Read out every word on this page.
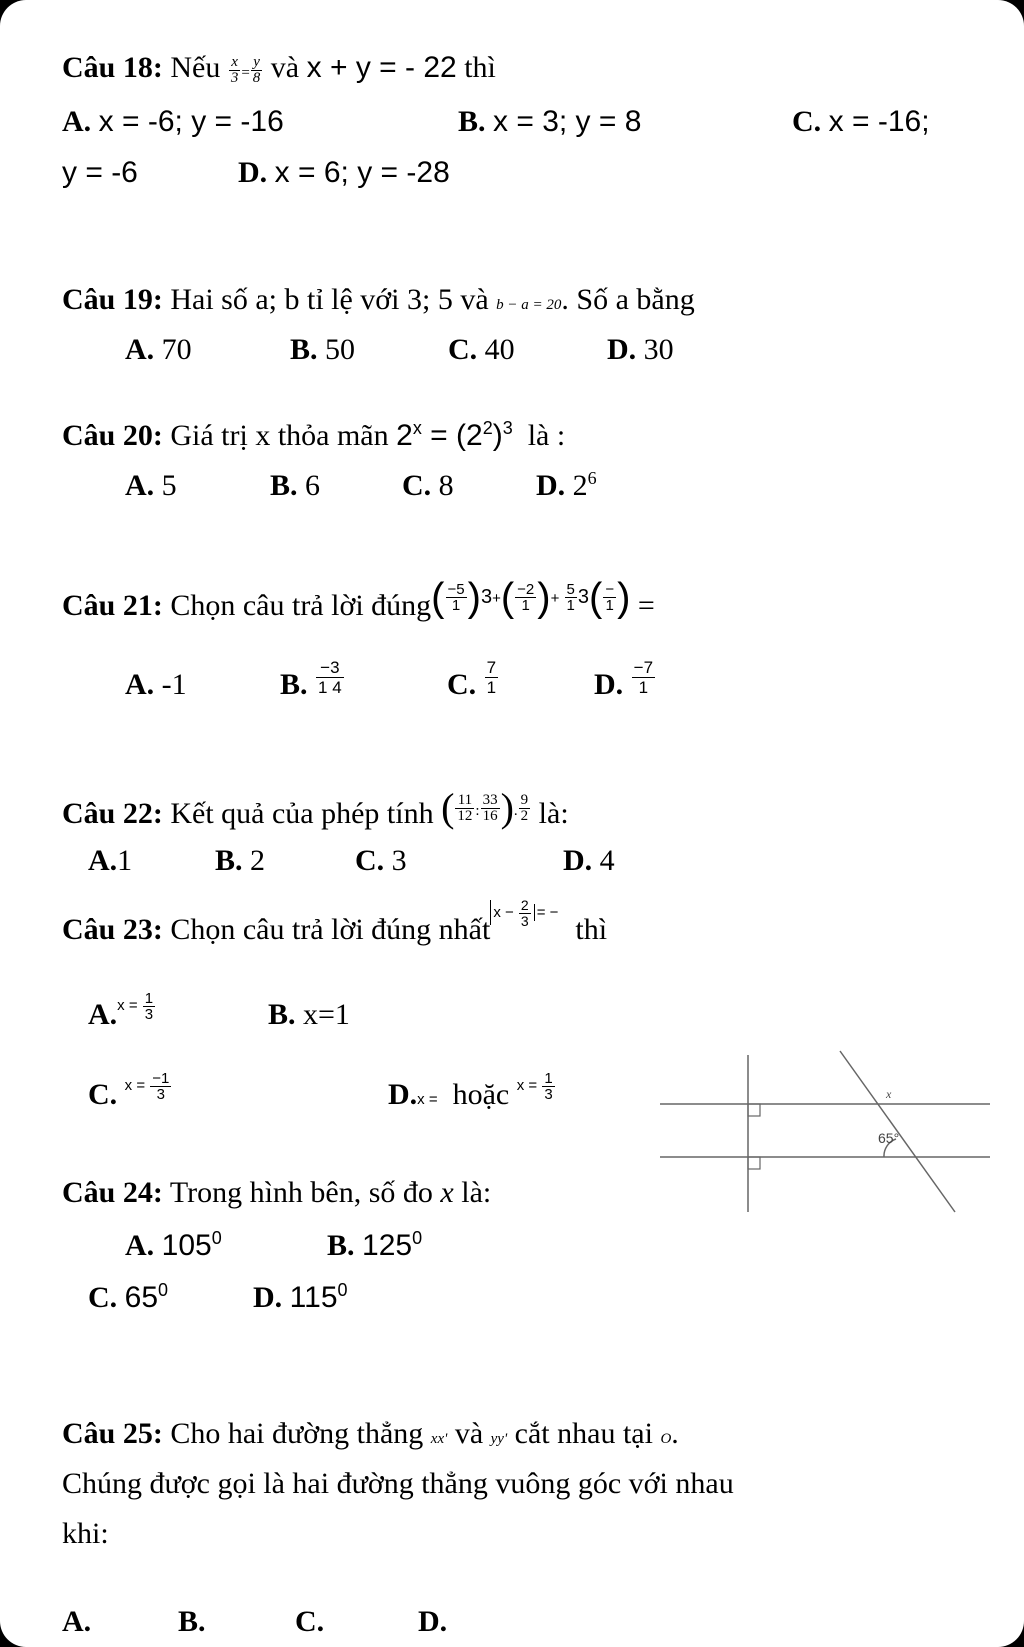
Câu 18: Nếu $\frac{x}{3} = \frac{y}{8}$ và x + y = - 22 thì
A. x = -6; y = -16	B. x = 3; y = 8	C. x = -16;
y = -6	D. x = 6; y = -28
Câu 19: Hai số a; b tỉ lệ với 3; 5 và b − a = 20. Số a bằng
A. 70	B. 50	C. 40	D. 30
Câu 20: Giá trị x thỏa mãn $2^x = (2^2)^3$ là :
A. 5	B. 6	C. 8	D. $2^6$
Câu 21: Chọn câu trả lời đúng$^{( \frac{-5}{1} )3+( \frac{-2}{1} )+ \frac{5}{1} 3( \frac{-}{1} )}$ =
A. -1	B. $\frac{-3}{1 4}$	C. $\frac{7}{1}$	D. $\frac{-7}{1}$
Câu 22: Kết quả của phép tính ( $\frac{11}{12}$ : $\frac{33}{16}$ ). $\frac{9}{2}$ là:
A.1	B. 2	C. 3	D. 4
Câu 23: Chọn câu trả lời đúng nhất$^{x - \frac{2}{3} = -}$  thì
A.$^{x = \frac{1}{3}}$	B. x=1
C. $^{x = \frac{-1}{3}}$	D.x = hoặc $^{x = \frac{1}{3}}$
65°
x
Câu 24: Trong hình bên, số đo x là:
A. $105^0$	B. $125^0$
C. $65^0$	D. $115^0$
Câu 25: Cho hai đường thẳng xx' và yy' cắt nhau tại O.
Chúng được gọi là hai đường thẳng vuông góc với nhau
khi:
A.	B.	C.	D.
